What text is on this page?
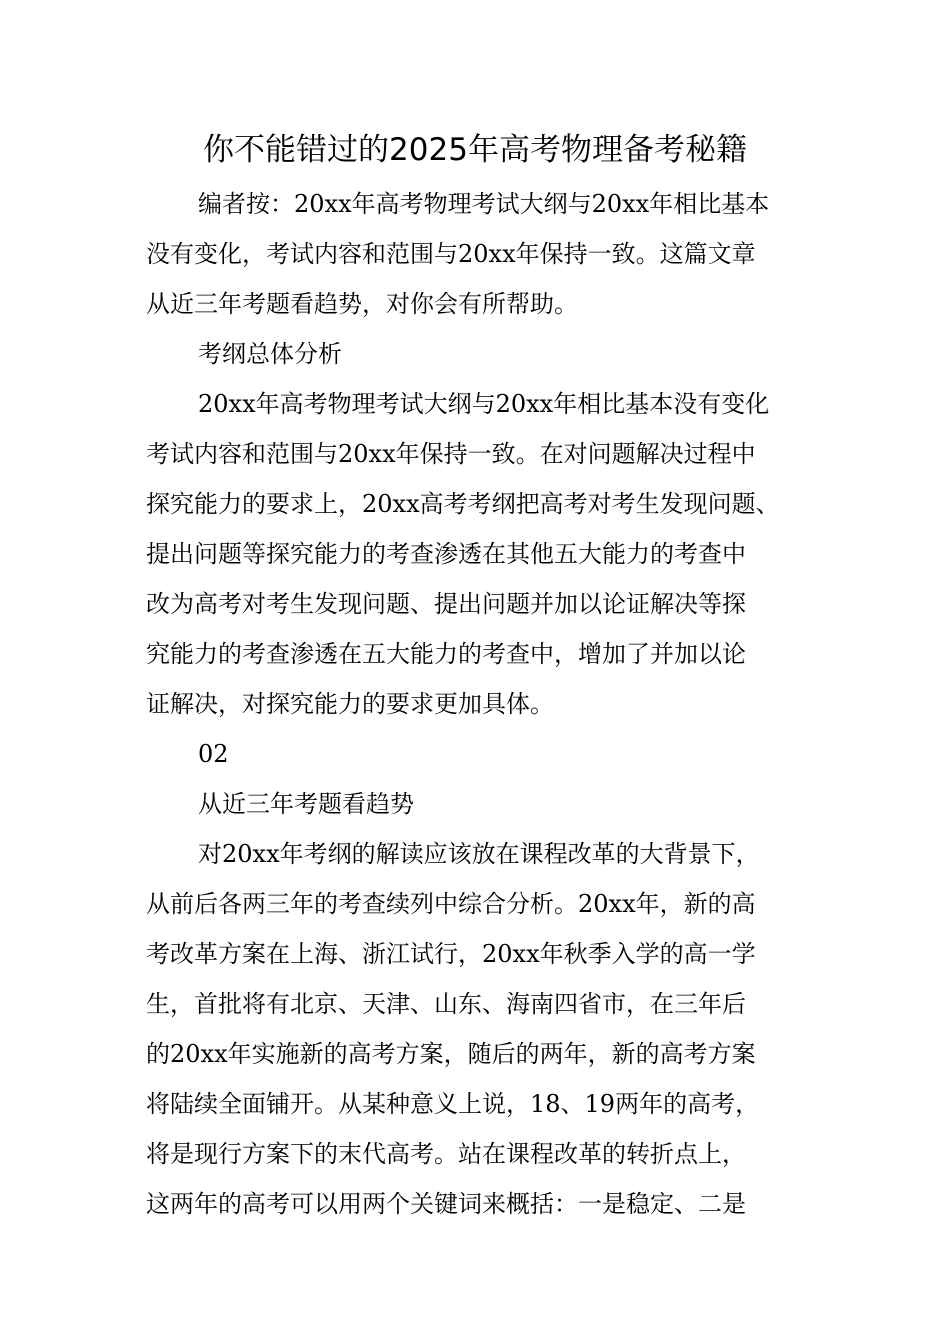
你不能错过的2025年高考物理备考秘籍

编者按：20xx年高考物理考试大纲与20xx年相比基本
没有变化，考试内容和范围与20xx年保持一致。这篇文章
从近三年考题看趋势，对你会有所帮助。

考纲总体分析

20xx年高考物理考试大纲与20xx年相比基本没有变化
考试内容和范围与20xx年保持一致。在对问题解决过程中
探究能力的要求上，20xx高考考纲把高考对考生发现问题、
提出问题等探究能力的考查渗透在其他五大能力的考查中
改为高考对考生发现问题、提出问题并加以论证解决等探
究能力的考查渗透在五大能力的考查中，增加了并加以论
证解决，对探究能力的要求更加具体。

02

从近三年考题看趋势

对20xx年考纲的解读应该放在课程改革的大背景下，
从前后各两三年的考查续列中综合分析。20xx年，新的高
考改革方案在上海、浙江试行，20xx年秋季入学的高一学
生，首批将有北京、天津、山东、海南四省市，在三年后
的20xx年实施新的高考方案，随后的两年，新的高考方案
将陆续全面铺开。从某种意义上说，18、19两年的高考，
将是现行方案下的末代高考。站在课程改革的转折点上，
这两年的高考可以用两个关键词来概括：一是稳定、二是
